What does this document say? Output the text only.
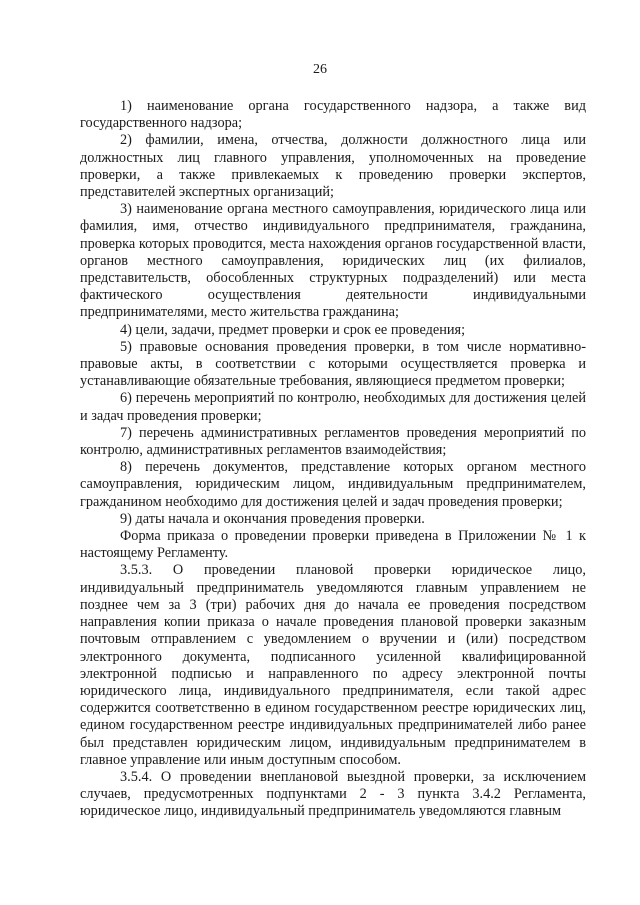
26

1) наименование органа государственного надзора, а также вид государственного надзора;

2) фамилии, имена, отчества, должности должностного лица или должностных лиц главного управления, уполномоченных на проведение проверки, а также привлекаемых к проведению проверки экспертов, представителей экспертных организаций;

3) наименование органа местного самоуправления, юридического лица или фамилия, имя, отчество индивидуального предпринимателя, гражданина, проверка которых проводится, места нахождения органов государственной власти, органов местного самоуправления, юридических лиц (их филиалов, представительств, обособленных структурных подразделений) или места фактического осуществления деятельности индивидуальными предпринимателями, место жительства гражданина;

4) цели, задачи, предмет проверки и срок ее проведения;

5) правовые основания проведения проверки, в том числе нормативно-правовые акты, в соответствии с которыми осуществляется проверка и устанавливающие обязательные требования, являющиеся предметом проверки;

6) перечень мероприятий по контролю, необходимых для достижения целей и задач проведения проверки;

7) перечень административных регламентов проведения мероприятий по контролю, административных регламентов взаимодействия;

8) перечень документов, представление которых органом местного самоуправления, юридическим лицом, индивидуальным предпринимателем, гражданином необходимо для достижения целей и задач проведения проверки;

9) даты начала и окончания проведения проверки.

Форма приказа о проведении проверки приведена в Приложении № 1 к настоящему Регламенту.

3.5.3. О проведении плановой проверки юридическое лицо, индивидуальный предприниматель уведомляются главным управлением не позднее чем за 3 (три) рабочих дня до начала ее проведения посредством направления копии приказа о начале проведения плановой проверки заказным почтовым отправлением с уведомлением о вручении и (или) посредством электронного документа, подписанного усиленной квалифицированной электронной подписью и направленного по адресу электронной почты юридического лица, индивидуального предпринимателя, если такой адрес содержится соответственно в едином государственном реестре юридических лиц, едином государственном реестре индивидуальных предпринимателей либо ранее был представлен юридическим лицом, индивидуальным предпринимателем в главное управление или иным доступным способом.

3.5.4. О проведении внеплановой выездной проверки, за исключением случаев, предусмотренных подпунктами 2 - 3 пункта 3.4.2 Регламента, юридическое лицо, индивидуальный предприниматель уведомляются главным
